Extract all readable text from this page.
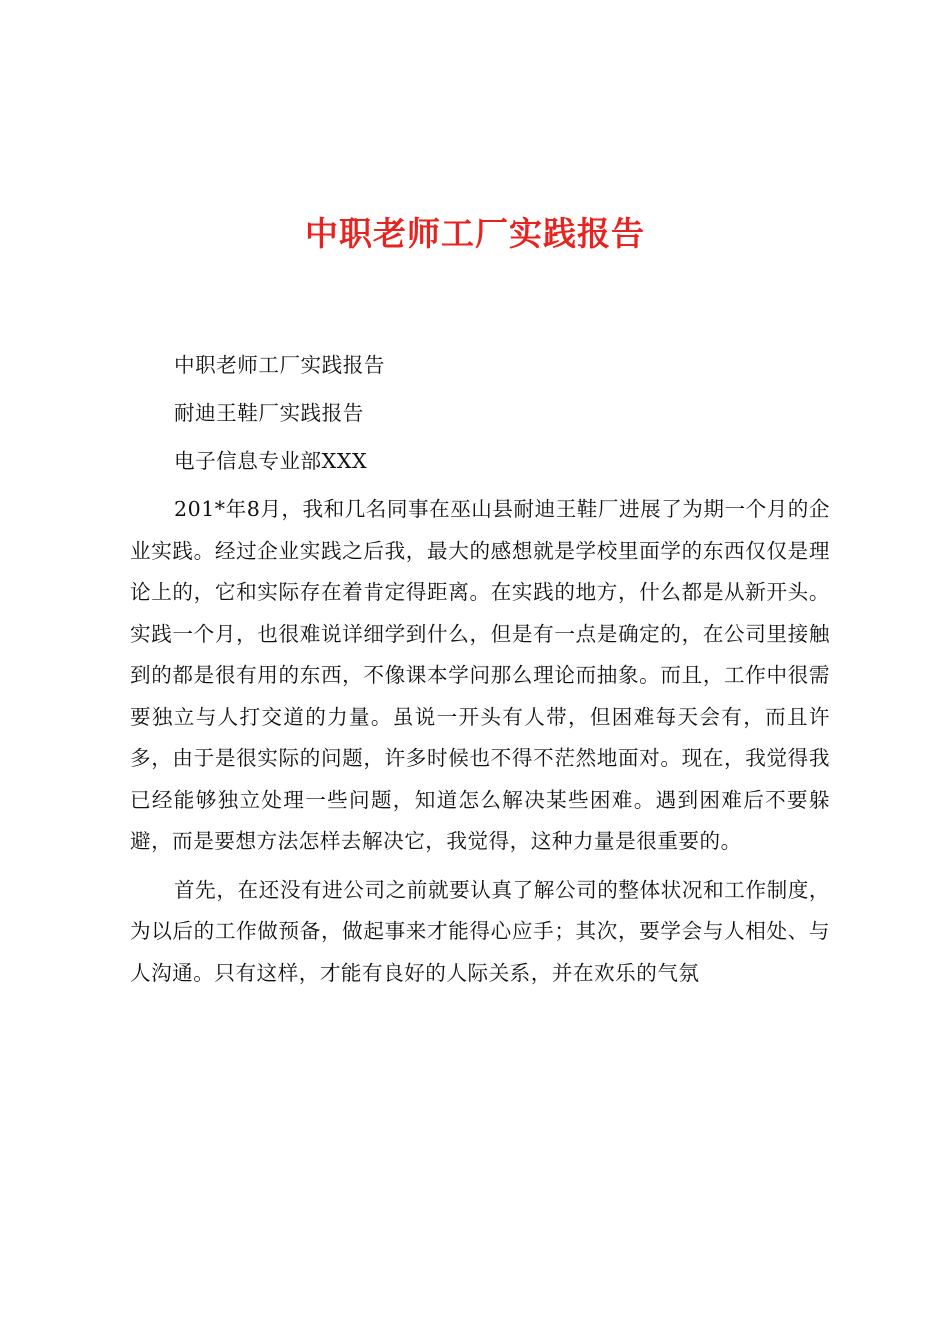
中职老师工厂实践报告
中职老师工厂实践报告
耐迪王鞋厂实践报告
电子信息专业部XXX

201*年8月，我和几名同事在巫山县耐迪王鞋厂进展了为期一个月的企业实践。经过企业实践之后我，最大的感想就是学校里面学的东西仅仅是理论上的，它和实际存在着肯定得距离。在实践的地方，什么都是从新开头。实践一个月，也很难说详细学到什么，但是有一点是确定的，在公司里接触到的都是很有用的东西，不像课本学问那么理论而抽象。而且，工作中很需要独立与人打交道的力量。虽说一开头有人带，但困难每天会有，而且许多，由于是很实际的问题，许多时候也不得不茫然地面对。现在，我觉得我已经能够独立处理一些问题，知道怎么解决某些困难。遇到困难后不要躲避，而是要想方法怎样去解决它，我觉得，这种力量是很重要的。

首先，在还没有进公司之前就要认真了解公司的整体状况和工作制度，为以后的工作做预备，做起事来才能得心应手；其次，要学会与人相处、与人沟通。只有这样，才能有良好的人际关系，并在欢乐的气氛
